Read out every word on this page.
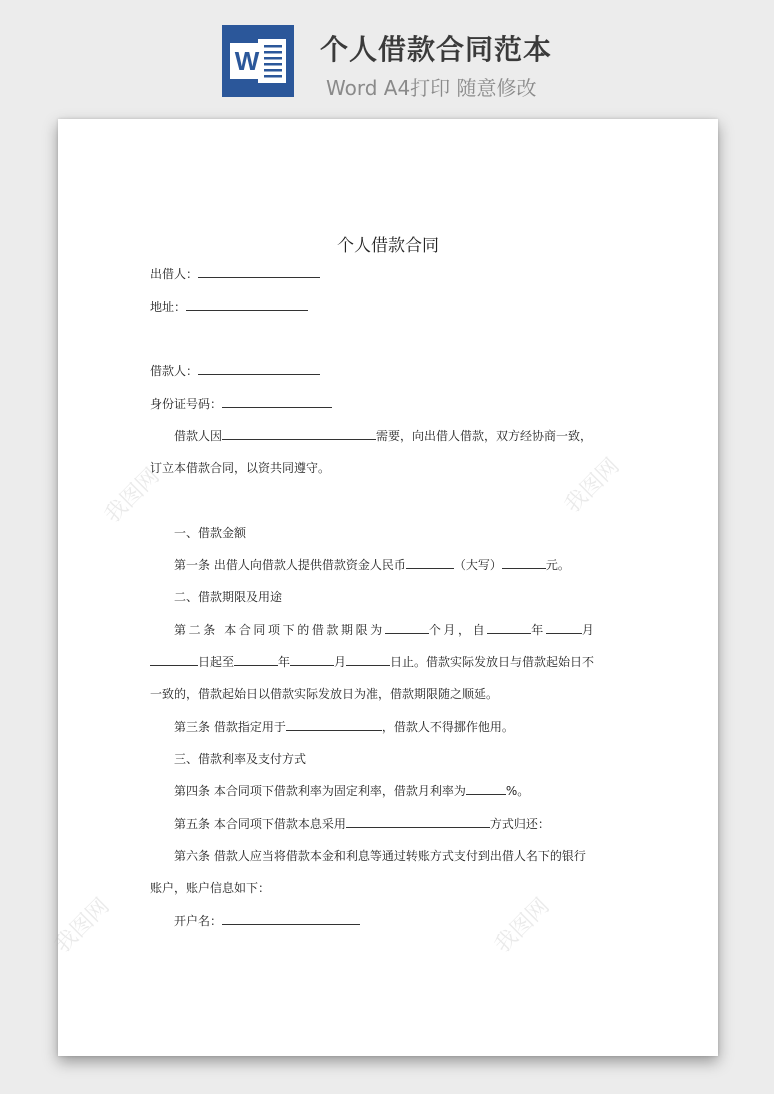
W 个人借款合同范本
Word A4打印 随意修改
我图网	我图网
我图网	我图网
个人借款合同
出借人：
地址：
借款人：
身份证号码：
借款人因	需要，向出借人借款，双方经协商一致，
订立本借款合同，以资共同遵守。
一、借款金额
第一条 出借人向借款人提供借款资金人民币	（大写）	元。
二、借款期限及用途
第二条 本合同项下的借款期限为	个月，自	年	月
日起至	年	月	日止。借款实际发放日与借款起始日不
一致的，借款起始日以借款实际发放日为准，借款期限随之顺延。
第三条 借款指定用于	，借款人不得挪作他用。
三、借款利率及支付方式
第四条 本合同项下借款利率为固定利率，借款月利率为	%。
第五条 本合同项下借款本息采用	方式归还：
第六条 借款人应当将借款本金和利息等通过转账方式支付到出借人名下的银行
账户，账户信息如下：
开户名：
